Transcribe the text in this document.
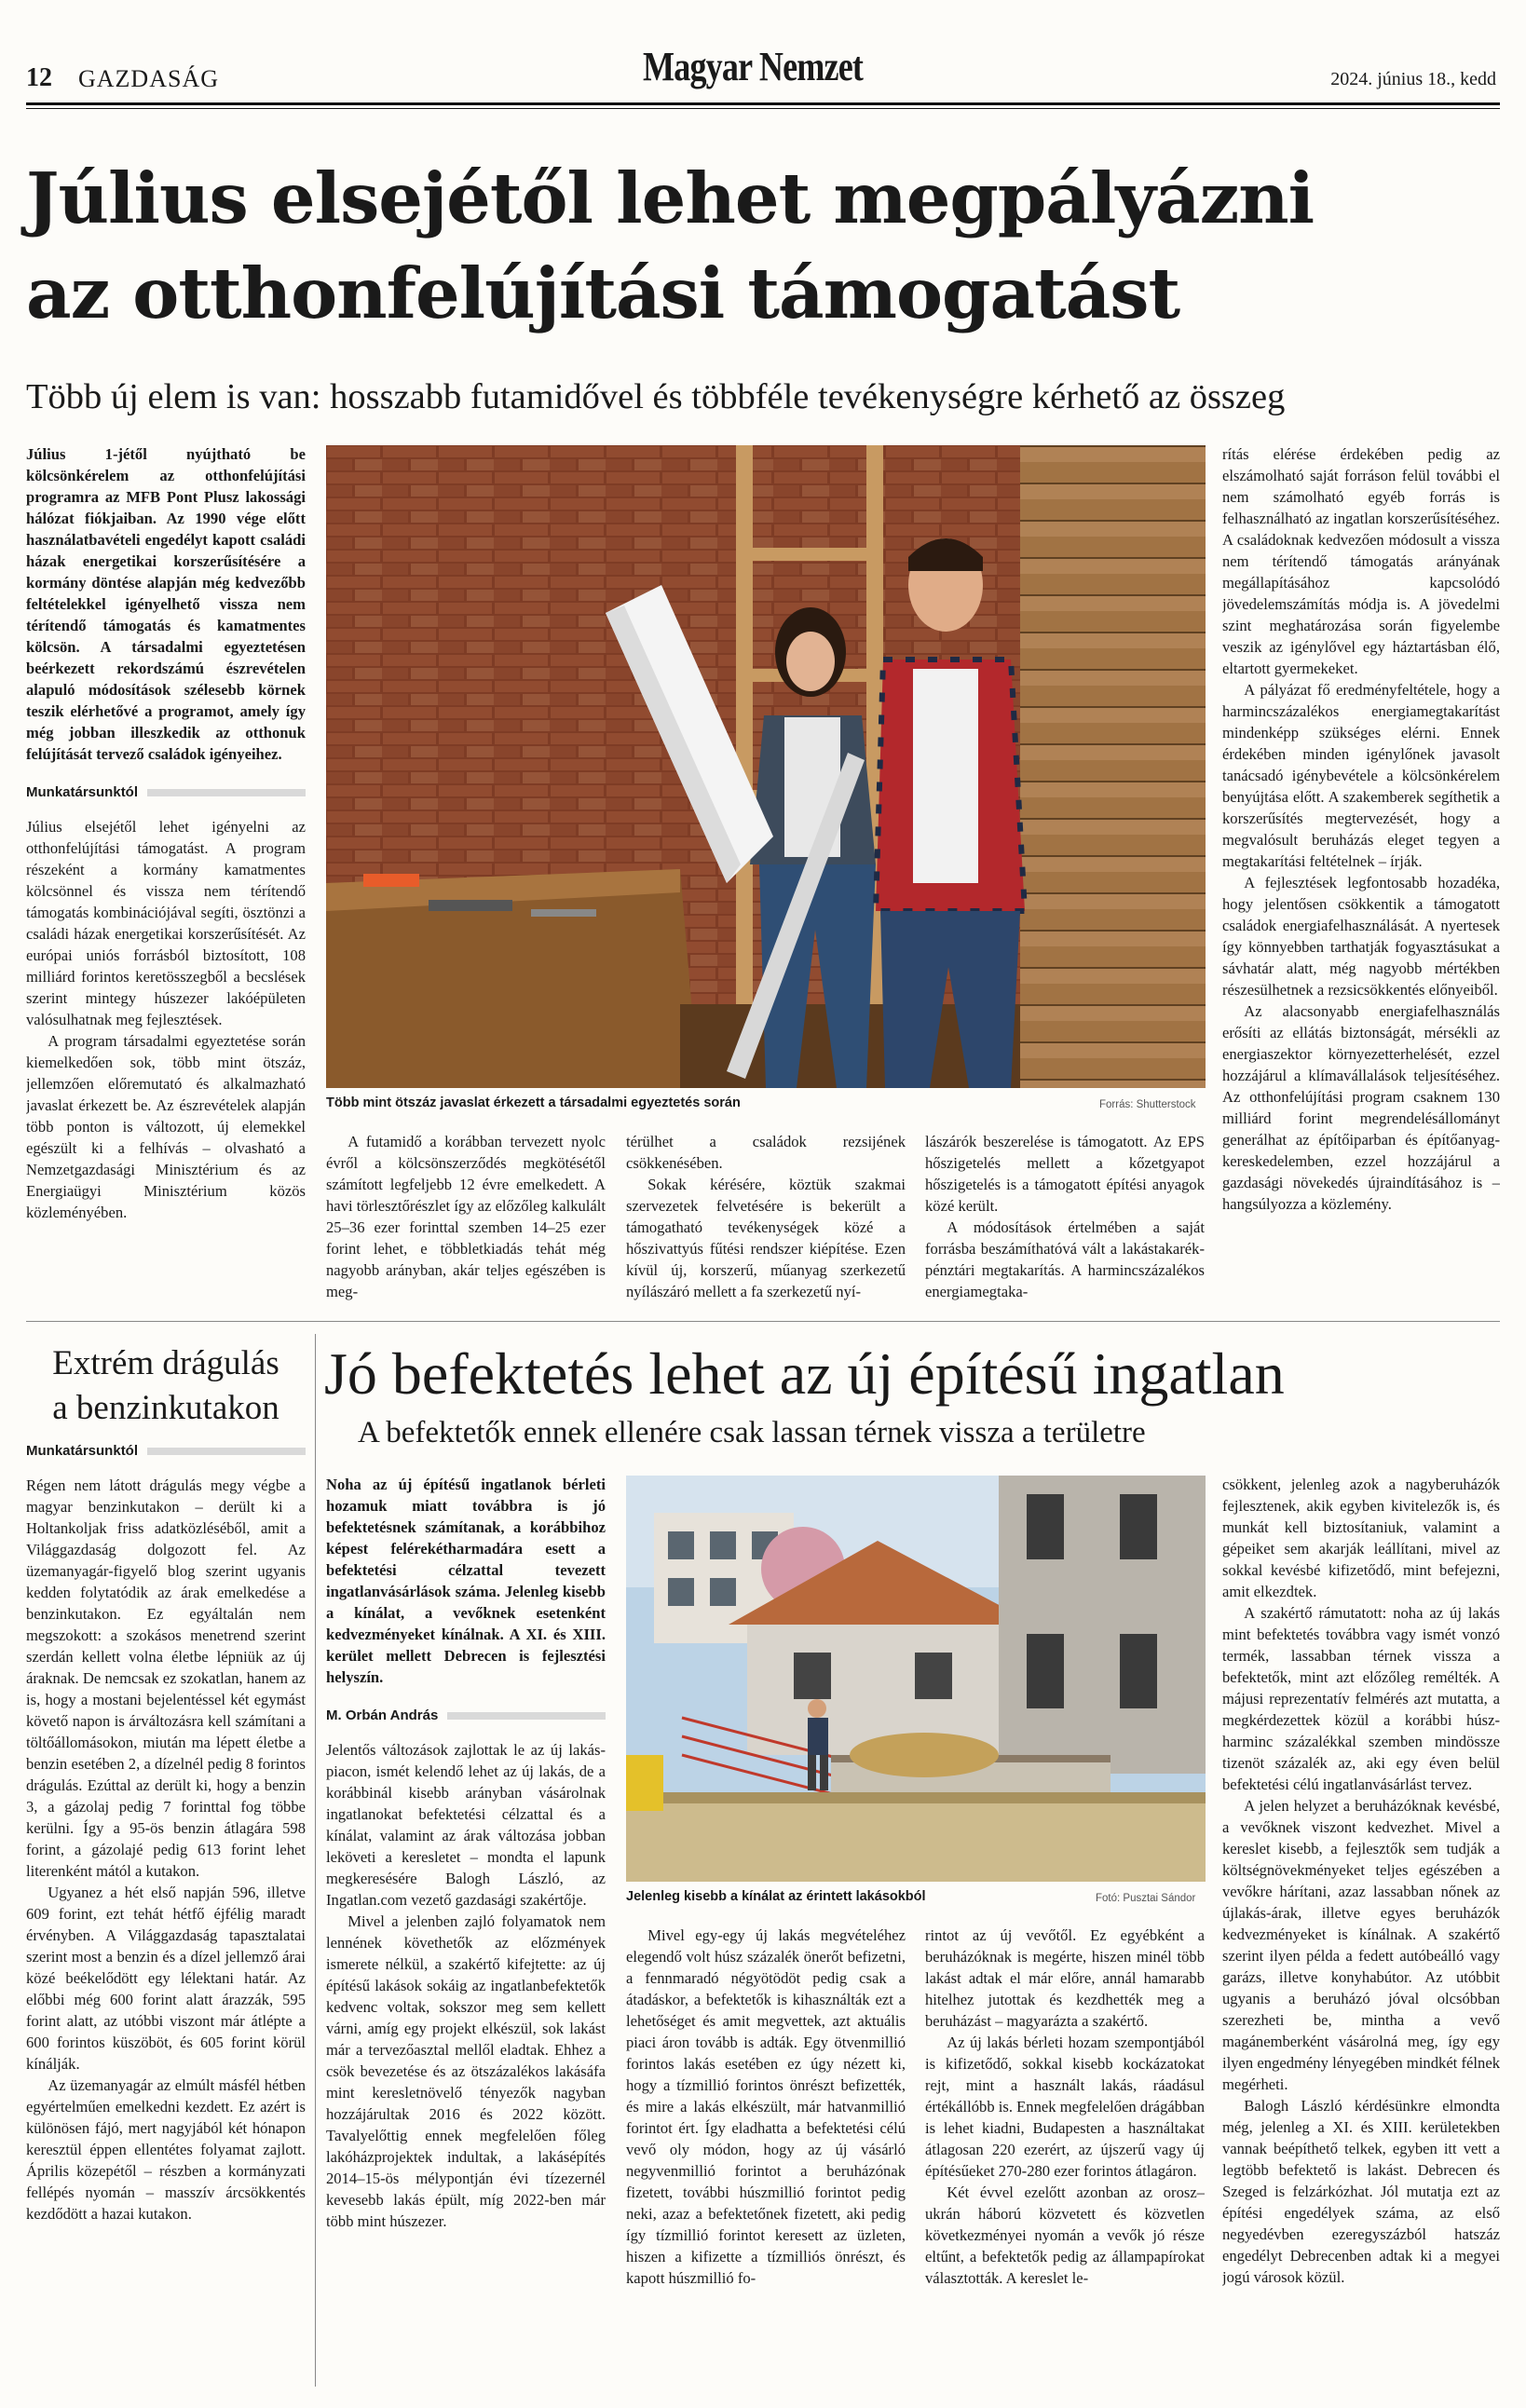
12 GAZDASÁG	Magyar Nemzet	2024. június 18., kedd
Július elsejétől lehet megpályázni
az otthonfelújítási támogatást
Több új elem is van: hosszabb futamidővel és többféle tevékenységre kérhető az összeg

Július 1-jétől nyújtható be kölcsönkérelem az otthonfelújítási programra az MFB Pont Plusz lakossági hálózat fiókjaiban. Az 1990 vége előtt használatbavételi engedélyt kapott családi házak energetikai korszerűsítésére a kormány döntése alapján még kedvezőbb feltételekkel igényelhető vissza nem térítendő támogatás és kamatmentes kölcsön. A társadalmi egyeztetésen beérkezett rekordszámú észrevételen alapuló módosítások szélesebb körnek teszik elérhetővé a programot, amely így még jobban illeszkedik az otthonuk felújítását tervező családok igényeihez.

Munkatársunktól

Július elsejétől lehet igényelni az otthonfelújítási támogatást. A program részeként a kormány kamatmentes kölcsönnel és vissza nem térítendő támogatás kombinációjával segíti, ösztönzi a családi házak energetikai korszerűsítését. Az európai uniós forrásból biztosított, 108 milliárd forintos keretösszegből a becslések szerint mintegy húszezer lakóépületen valósulhatnak meg fejlesztések.

A program társadalmi egyeztetése során kiemelkedően sok, több mint ötszáz, jellemzően előremutató és alkalmazható javaslat érkezett be. Az észrevételek alapján több ponton is változott, új elemekkel egészült ki a felhívás – olvasható a Nemzetgazdasági Minisztérium és az Energiaügyi Minisztérium közös közleményében.

Több mint ötszáz javaslat érkezett a társadalmi egyeztetés során	Forrás: Shutterstock

A futamidő a korábban tervezett nyolc évről a kölcsönszerződés megkötésétől számított legfeljebb 12 évre emelkedett. A havi törlesztőrészlet így az előzőleg kalkulált 25–36 ezer forinttal szemben 14–25 ezer forint lehet, e többletkiadás tehát még nagyobb arányban, akár teljes egészében is meg-

térülhet a családok rezsijének csökkenésében.

Sokak kérésére, köztük szakmai szervezetek felvetésére is bekerült a támogatható tevékenységek közé a hőszivattyús fűtési rendszer kiépítése. Ezen kívül új, korszerű, műanyag szerkezetű nyílászáró mellett a fa szerkezetű nyí-

lászárók beszerelése is támogatott. Az EPS hőszigetelés mellett a kőzetgyapot hőszigetelés is a támogatott építési anyagok közé került.

A módosítások értelmében a saját forrásba beszámíthatóvá vált a lakástakarék-pénztári megtakarítás. A harmincszázalékos energiamegtaka-

rítás elérése érdekében pedig az elszámolható saját forráson felül további el nem számolható egyéb forrás is felhasználható az ingatlan korszerűsítéséhez. A családoknak kedvezően módosult a vissza nem térítendő támogatás arányának megállapításához kapcsolódó jövedelemszámítás módja is. A jövedelmi szint meghatározása során figyelembe veszik az igénylővel egy háztartásban élő, eltartott gyermekeket.

A pályázat fő eredményfeltétele, hogy a harmincszázalékos energiamegtakarítást mindenképp szükséges elérni. Ennek érdekében minden igénylőnek javasolt tanácsadó igénybevétele a kölcsönkérelem benyújtása előtt. A szakemberek segíthetik a korszerűsítés megtervezését, hogy a megvalósult beruházás eleget tegyen a megtakarítási feltételnek – írják.

A fejlesztések legfontosabb hozadéka, hogy jelentősen csökkentik a támogatott családok energiafelhasználását. A nyertesek így könnyebben tarthatják fogyasztásukat a sávhatár alatt, még nagyobb mértékben részesülhetnek a rezsicsökkentés előnyeiből.

Az alacsonyabb energiafelhasználás erősíti az ellátás biztonságát, mérsékli az energiaszektor környezetterhelését, ezzel hozzájárul a klímavállalások teljesítéséhez. Az otthonfelújítási program csaknem 130 milliárd forint megrendelésállományt generálhat az építőiparban és építőanyag-kereskedelemben, ezzel hozzájárul a gazdasági növekedés újraindításához is – hangsúlyozza a közlemény.

Extrém drágulás
a benzinkutakon
Munkatársunktól

Régen nem látott drágulás megy végbe a magyar benzinkutakon – derült ki a Holtankoljak friss adatközléséből, amit a Világgazdaság dolgozott fel. Az üzemanyagár-figyelő blog szerint ugyanis kedden folytatódik az árak emelkedése a benzinkutakon. Ez egyáltalán nem megszokott: a szokásos menetrend szerint szerdán kellett volna életbe lépniük az új áraknak. De nemcsak ez szokatlan, hanem az is, hogy a mostani bejelentéssel két egymást követő napon is árváltozásra kell számítani a töltőállomásokon, miután ma lépett életbe a benzin esetében 2, a dízelnél pedig 8 forintos drágulás. Ezúttal az derült ki, hogy a benzin 3, a gázolaj pedig 7 forinttal fog többe kerülni. Így a 95-ös benzin átlagára 598 forint, a gázolajé pedig 613 forint lehet literenként mától a kutakon.

Ugyanez a hét első napján 596, illetve 609 forint, ezt tehát hétfő éjfélig maradt érvényben. A Világgazdaság tapasztalatai szerint most a benzin és a dízel jellemző árai közé beékelődött egy lélektani határ. Az előbbi még 600 forint alatt árazzák, 595 forint alatt, az utóbbi viszont már átlépte a 600 forintos küszöböt, és 605 forint körül kínálják.

Az üzemanyagár az elmúlt másfél hétben egyértelműen emelkedni kezdett. Ez azért is különösen fájó, mert nagyjából két hónapon keresztül éppen ellentétes folyamat zajlott. Április közepétől – részben a kormányzati fellépés nyomán – masszív árcsökkentés kezdődött a hazai kutakon.

Jó befektetés lehet az új építésű ingatlan
A befektetők ennek ellenére csak lassan térnek vissza a területre

Noha az új építésű ingatlanok bérleti hozamuk miatt továbbra is jó befektetésnek számítanak, a korábbihoz képest felérekétharmadára esett a befektetési célzattal tevezett ingatlanvásárlások száma. Jelenleg kisebb a kínálat, a vevőknek esetenként kedvezményeket kínálnak. A XI. és XIII. kerület mellett Debrecen is fejlesztési helyszín.

M. Orbán András

Jelentős változások zajlottak le az új lakás-piacon, ismét kelendő lehet az új lakás, de a korábbinál kisebb arányban vásárolnak ingatlanokat befektetési célzattal és a kínálat, valamint az árak változása jobban leköveti a keresletet – mondta el lapunk megkeresésére Balogh László, az Ingatlan.com vezető gazdasági szakértője.

Mivel a jelenben zajló folyamatok nem lennének követhetők az előzmények ismerete nélkül, a szakértő kifejtette: az új építésű lakások sokáig az ingatlanbefektetők kedvenc voltak, sokszor meg sem kellett várni, amíg egy projekt elkészül, sok lakást már a tervezőasztal mellől eladtak. Ehhez a csök bevezetése és az ötszázalékos lakásáfa mint keresletnövelő tényezők nagyban hozzájárultak 2016 és 2022 között. Tavalyelőttig ennek megfelelően főleg lakóházprojektek indultak, a lakásépítés 2014–15-ös mélypontján évi tízezernél kevesebb lakás épült, míg 2022-ben már több mint húszezer.

Jelenleg kisebb a kínálat az érintett lakásokból	Fotó: Pusztai Sándor

Mivel egy-egy új lakás megvételéhez elegendő volt húsz százalék önerőt befizetni, a fennmaradó négyötödöt pedig csak a átadáskor, a befektetők is kihasználták ezt a lehetőséget és amit megvettek, azt aktuális piaci áron tovább is adták. Egy ötvenmillió forintos lakás esetében ez úgy nézett ki, hogy a tízmillió forintos önrészt befizették, és mire a lakás elkészült, már hatvanmillió forintot ért. Így eladhatta a befektetési célú vevő oly módon, hogy az új vásárló negyvenmillió forintot a beruházónak fizetett, további húszmillió forintot pedig neki, azaz a befektetőnek fizetett, aki pedig így tízmillió forintot keresett az üzleten, hiszen a kifizette a tízmilliós önrészt, és kapott húszmillió fo-

rintot az új vevőtől. Ez egyébként a beruházóknak is megérte, hiszen minél több lakást adtak el már előre, annál hamarabb hitelhez jutottak és kezdhették meg a beruházást – magyarázta a szakértő.

Az új lakás bérleti hozam szempontjából is kifizetődő, sokkal kisebb kockázatokat rejt, mint a használt lakás, ráadásul értékállóbb is. Ennek megfelelően drágábban is lehet kiadni, Budapesten a használtakat átlagosan 220 ezerért, az újszerű vagy új építésűeket 270-280 ezer forintos átlagáron.

Két évvel ezelőtt azonban az orosz–ukrán háború közvetett és közvetlen következményei nyomán a vevők jó része eltűnt, a befektetők pedig az állampapírokat választották. A kereslet le-

csökkent, jelenleg azok a nagyberuházók fejlesztenek, akik egyben kivitelezők is, és munkát kell biztosítaniuk, valamint a gépeiket sem akarják leállítani, mivel az sokkal kevésbé kifizetődő, mint befejezni, amit elkezdtek.

A szakértő rámutatott: noha az új lakás mint befektetés továbbra vagy ismét vonzó termék, lassabban térnek vissza a befektetők, mint azt előzőleg remélték. A májusi reprezentatív felmérés azt mutatta, a megkérdezettek közül a korábbi húsz-harminc százalékkal szemben mindössze tizenöt százalék az, aki egy éven belül befektetési célú ingatlanvásárlást tervez.

A jelen helyzet a beruházóknak kevésbé, a vevőknek viszont kedvezhet. Mivel a kereslet kisebb, a fejlesztők sem tudják a költségnövekményeket teljes egészében a vevőkre hárítani, azaz lassabban nőnek az újlakás-árak, illetve egyes beruházók kedvezményeket is kínálnak. A szakértő szerint ilyen példa a fedett autóbeálló vagy garázs, illetve konyhabútor. Az utóbbit ugyanis a beruházó jóval olcsóbban szerezheti be, mintha a vevő magánemberként vásárolná meg, így egy ilyen engedmény lényegében mindkét félnek megérheti.

Balogh László kérdésünkre elmondta még, jelenleg a XI. és XIII. kerületekben vannak beépíthető telkek, egyben itt vett a legtöbb befektető is lakást. Debrecen és Szeged is felzárkózhat. Jól mutatja ezt az építési engedélyek száma, az első negyedévben ezeregyszázból hatszáz engedélyt Debrecenben adtak ki a megyei jogú városok közül.
